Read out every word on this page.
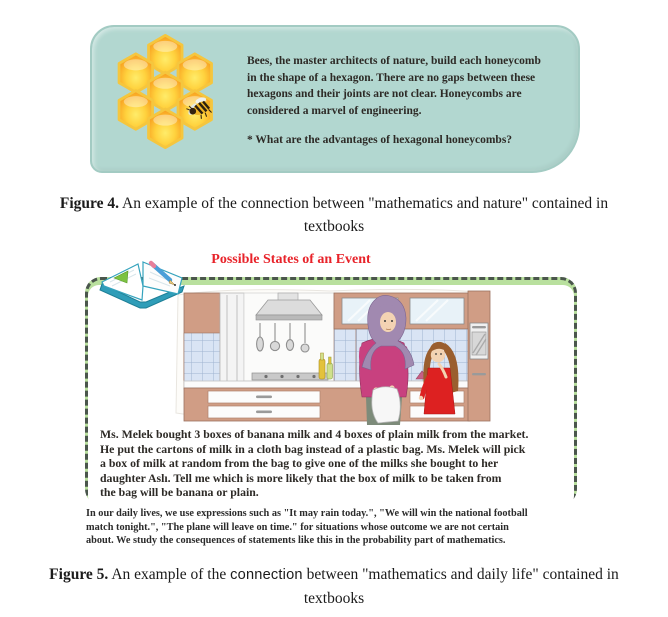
Bees, the master architects of nature, build each honeycomb
in the shape of a hexagon. There are no gaps between these
hexagons and their joints are not clear. Honeycombs are
considered a marvel of engineering.
* What are the advantages of hexagonal honeycombs?
Figure 4. An example of the connection between "mathematics and nature" contained in
textbooks
Possible States of an Event
Ms. Melek bought 3 boxes of banana milk and 4 boxes of plain milk from the market.
He put the cartons of milk in a cloth bag instead of a plastic bag. Ms. Melek will pick
a box of milk at random from the bag to give one of the milks she bought to her
daughter Aslı. Tell me which is more likely that the box of milk to be taken from
the bag will be banana or plain.
In our daily lives, we use expressions such as "It may rain today.", "We will win the national football
match tonight.", "The plane will leave on time." for situations whose outcome we are not certain
about. We study the consequences of statements like this in the probability part of mathematics.
Figure 5. An example of the connection between "mathematics and daily life" contained in
textbooks
